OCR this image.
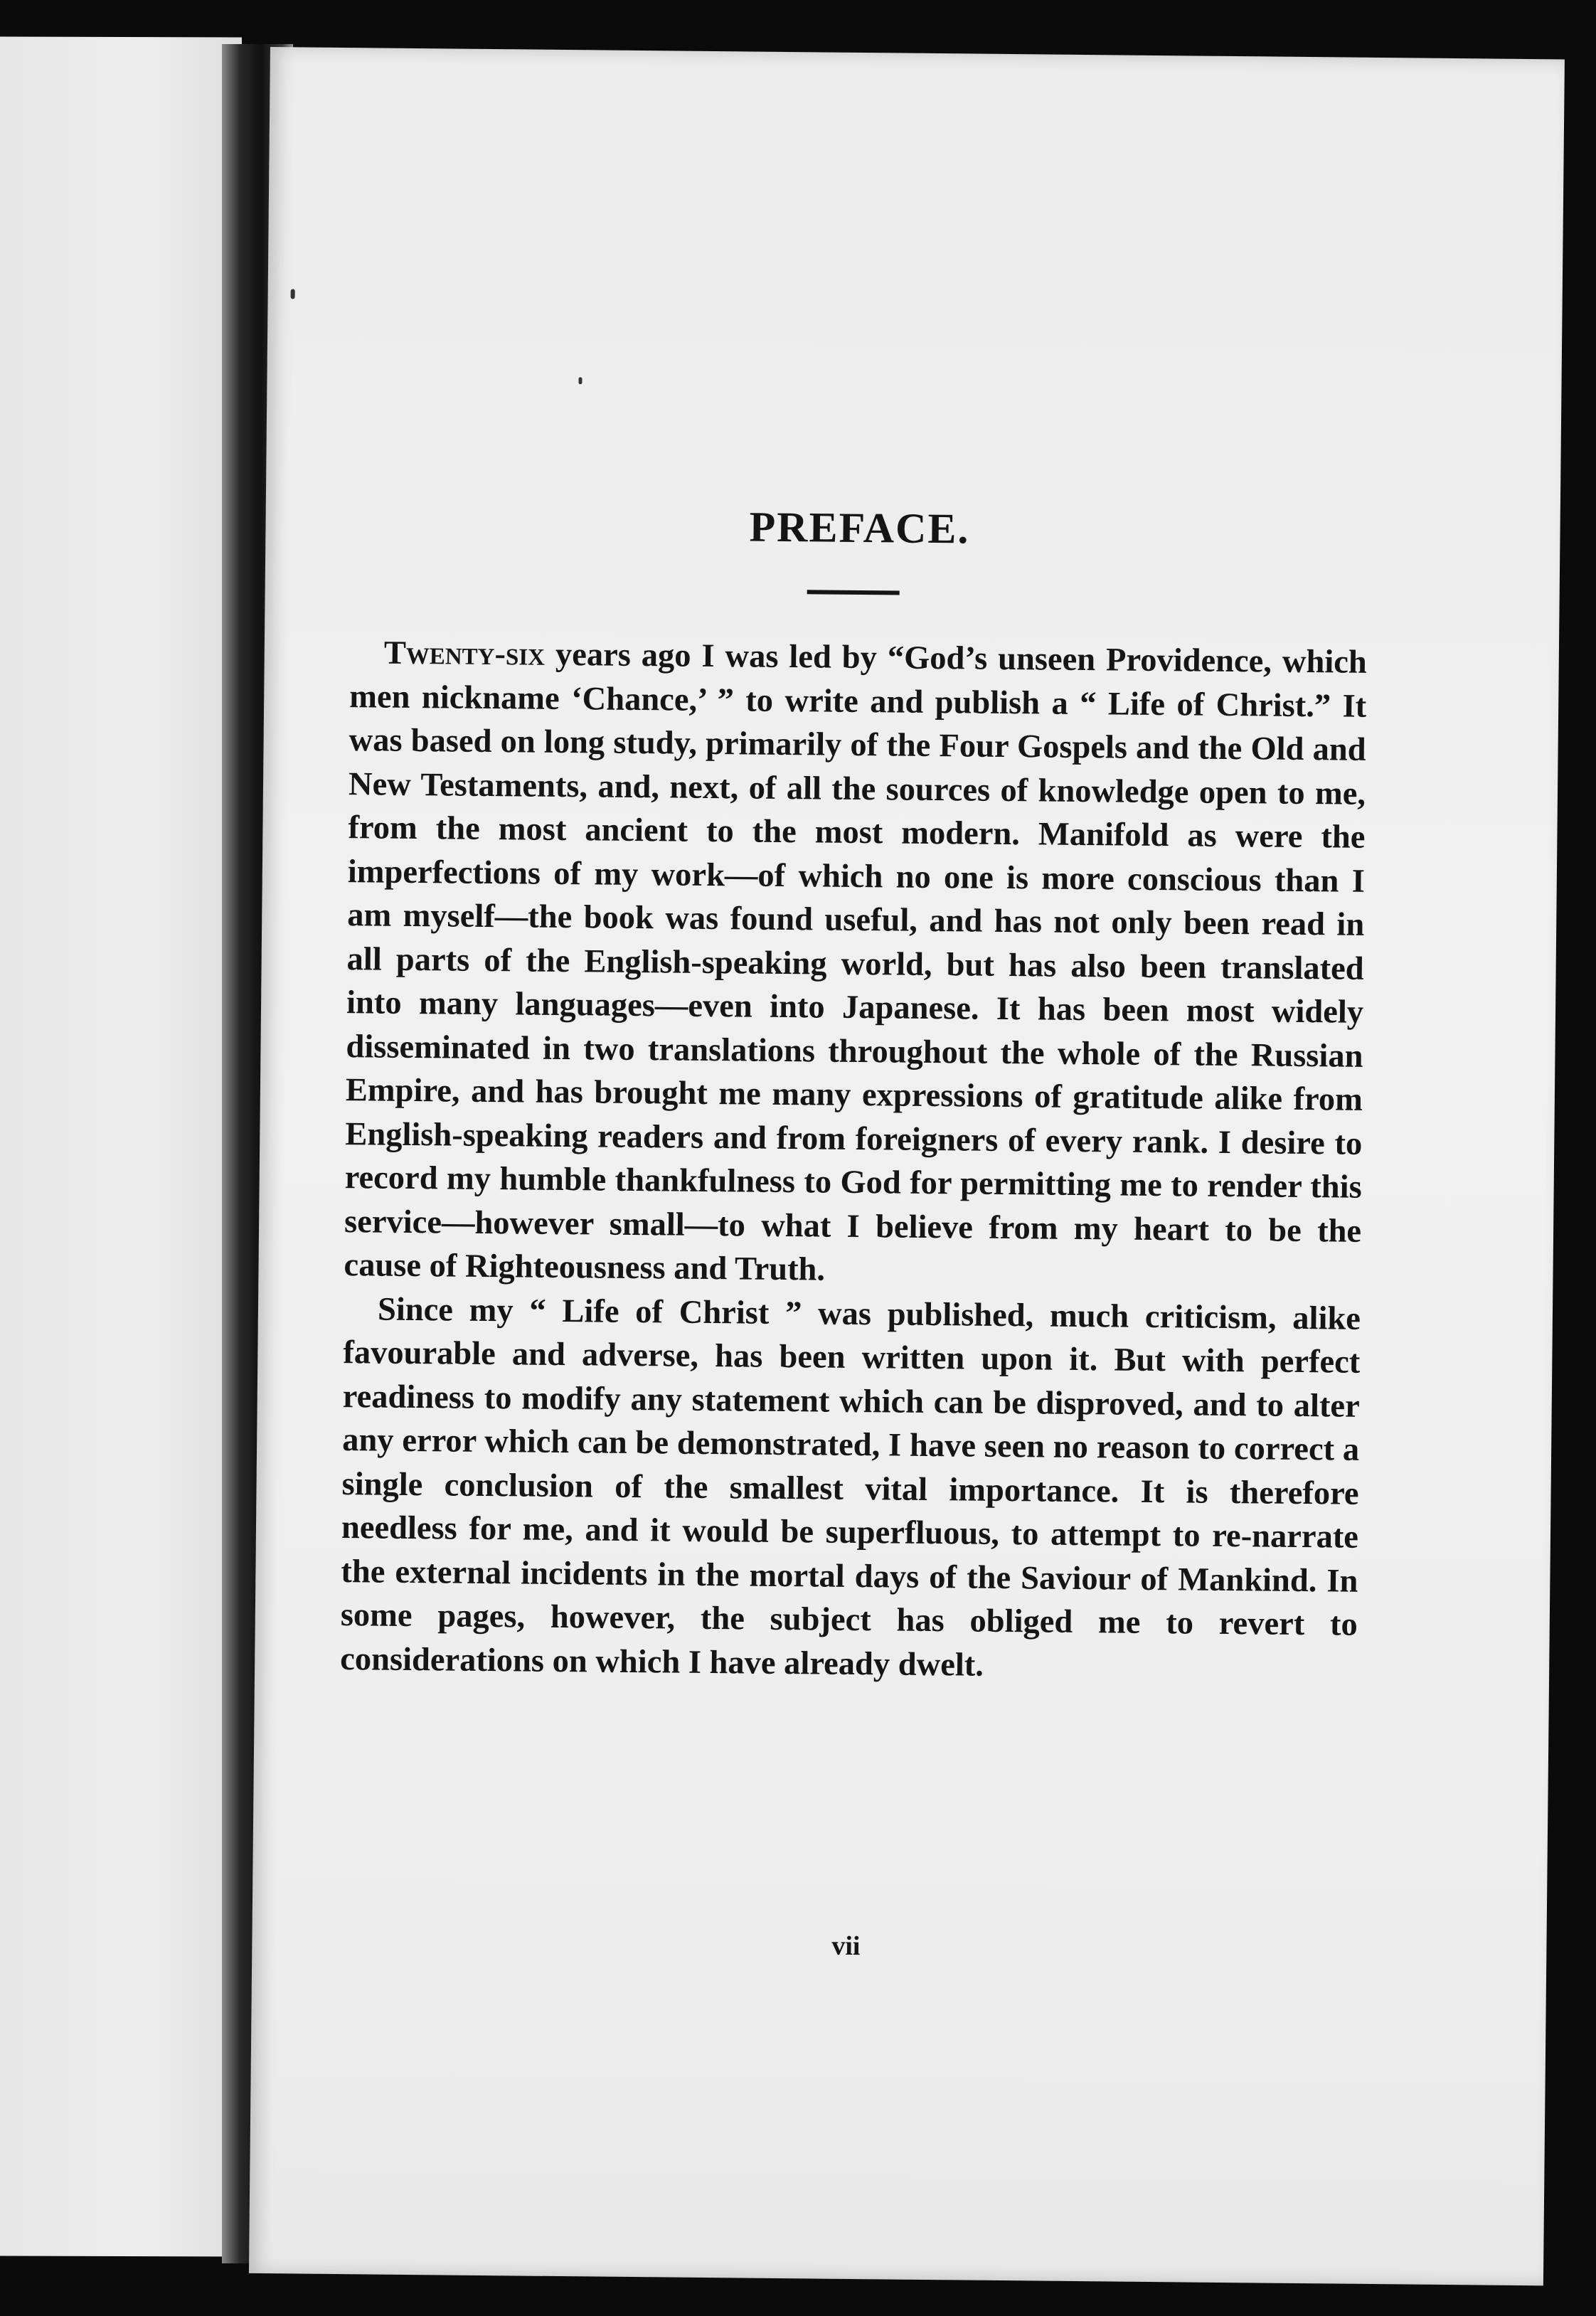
PREFACE.

Twenty-six years ago I was led by “God’s unseen Providence, which men nickname ‘Chance,’ ” to write and publish a “ Life of Christ.” It was based on long study, primarily of the Four Gospels and the Old and New Testaments, and, next, of all the sources of knowledge open to me, from the most ancient to the most modern. Manifold as were the imperfections of my work—of which no one is more conscious than I am myself—the book was found useful, and has not only been read in all parts of the English-speaking world, but has also been translated into many languages—even into Japanese. It has been most widely disseminated in two translations throughout the whole of the Russian Empire, and has brought me many expressions of gratitude alike from English-speaking readers and from foreigners of every rank. I desire to record my humble thankfulness to God for permitting me to render this service—however small—to what I believe from my heart to be the cause of Righteousness and Truth.

Since my “ Life of Christ ” was published, much criticism, alike favourable and adverse, has been written upon it. But with perfect readiness to modify any statement which can be disproved, and to alter any error which can be demonstrated, I have seen no reason to correct a single conclusion of the smallest vital importance. It is therefore needless for me, and it would be superfluous, to attempt to re-narrate the external incidents in the mortal days of the Saviour of Mankind. In some pages, however, the subject has obliged me to revert to considerations on which I have already dwelt.

vii
